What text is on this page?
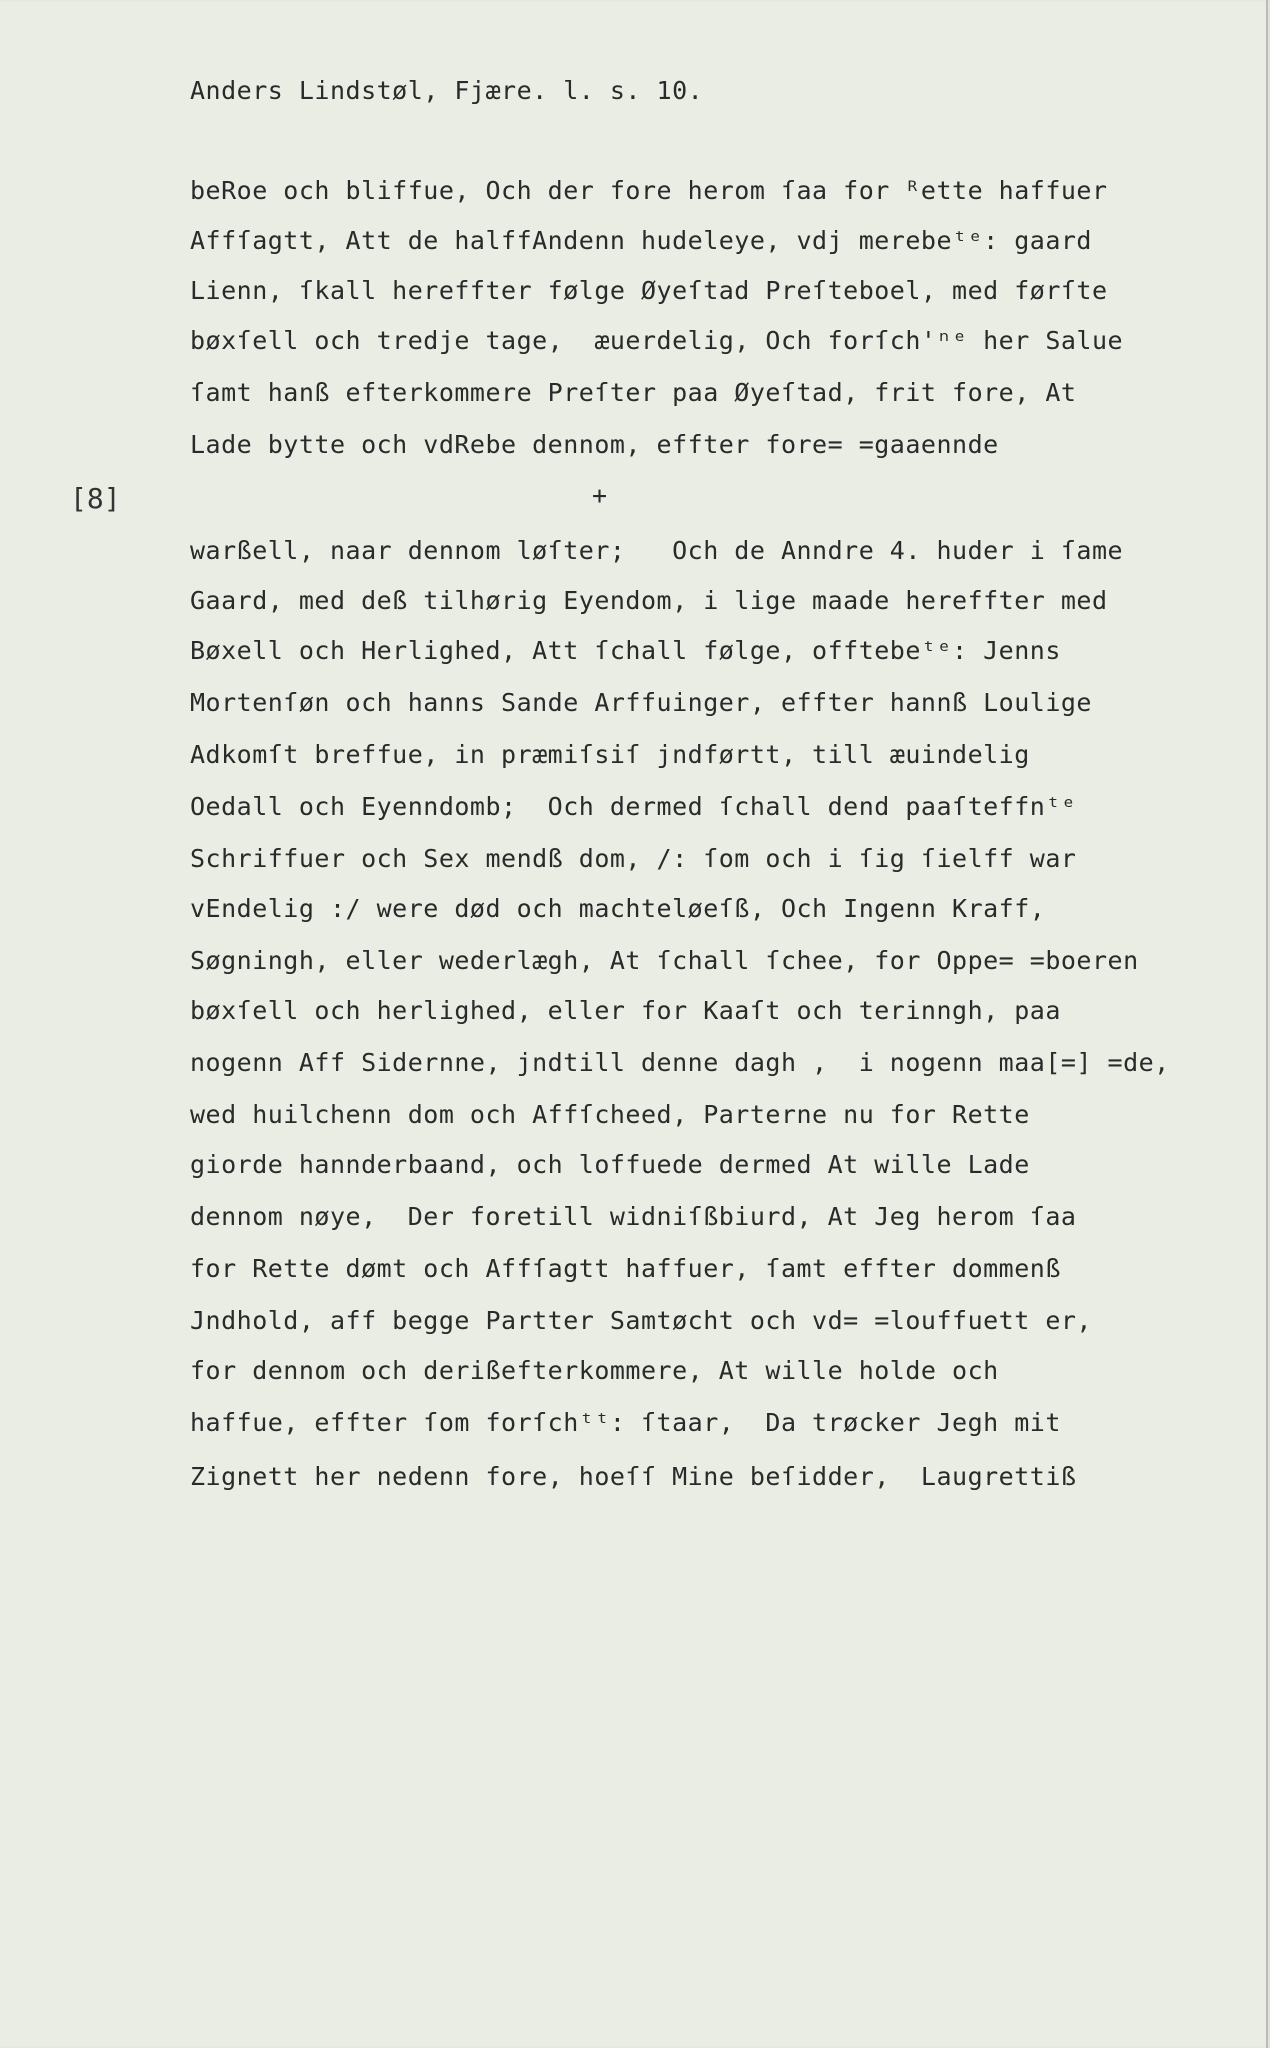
Anders Lindstøl, Fjære. l. s. 10.
beRoe och bliffue, Och der fore herom ſaa for ᴿette haffuer
Affſagtt, Att de halffAndenn hudeleye, vdj merebeᵗᵉ: gaard
Lienn, ſkall hereffter følge Øyeſtad Preſteboel, med førſte
bøxſell och tredje tage,  æuerdelig, Och forſch'ⁿᵉ her Salue
ſamt hanß efterkommere Preſter paa Øyeſtad, frit fore, At
Lade bytte och vdRebe dennom, effter fore= =gaaennde
[8]	+
warßell, naar dennom løſter;   Och de Anndre 4. huder i ſame
Gaard, med deß tilhørig Eyendom, i lige maade hereffter med
Bøxell och Herlighed, Att ſchall følge, offtebeᵗᵉ: Jenns
Mortenſøn och hanns Sande Arffuinger, effter hannß Loulige
Adkomſt breffue, in præmiſsiſ jndførtt, till æuindelig
Oedall och Eyenndomb;  Och dermed ſchall dend paaſteffnᵗᵉ
Schriffuer och Sex mendß dom, /: ſom och i ſig ſielff war
vEndelig :/ were død och machteløeſß, Och Ingenn Kraff,
Søgningh, eller wederlægh, At ſchall ſchee, for Oppe= =boeren
bøxſell och herlighed, eller for Kaaſt och terinngh, paa
nogenn Aff Sidernne, jndtill denne dagh ,  i nogenn maa[=] =de,
wed huilchenn dom och Affſcheed, Parterne nu for Rette
giorde hannderbaand, och loffuede dermed At wille Lade
dennom nøye,  Der foretill widniſßbiurd, At Jeg herom ſaa
for Rette dømt och Affſagtt haffuer, ſamt effter dommenß
Jndhold, aff begge Partter Samtøcht och vd= =louffuett er,
for dennom och derißefterkommere, At wille holde och
haffue, effter ſom forſchᵗᵗ: ſtaar,  Da trøcker Jegh mit
Zignett her nedenn fore, hoeſſ Mine beſidder,  Laugrettiß
